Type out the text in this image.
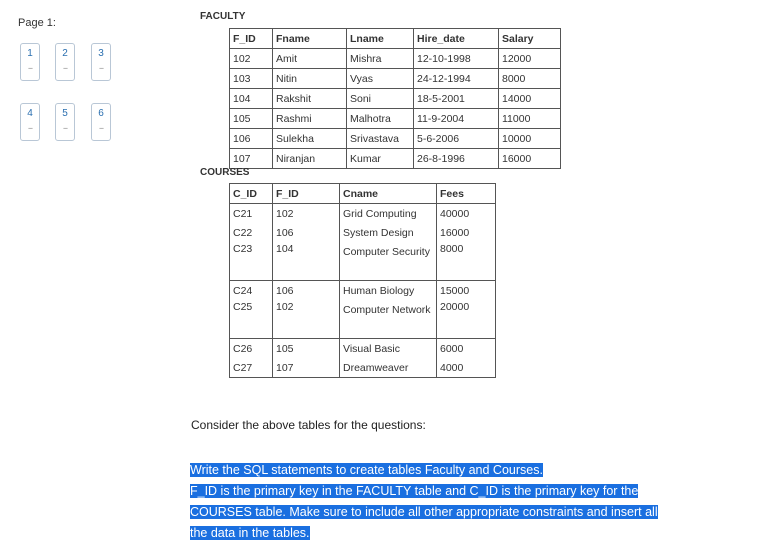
Page 1:
1
--
2
--
3
--
4
--
5
--
6
--
FACULTY
F_ID	Fname	Lname	Hire_date	Salary
102	Amit	Mishra	12-10-1998	12000
103	Nitin	Vyas	24-12-1994	8000
104	Rakshit	Soni	18-5-2001	14000
105	Rashmi	Malhotra	11-9-2004	11000
106	Sulekha	Srivastava	5-6-2006	10000
107	Niranjan	Kumar	26-8-1996	16000
COURSES
C_ID	F_ID	Cname	Fees
C21	102	Grid Computing	40000
C22	106	System Design	16000
C23	104	Computer Security	8000
C24	106	Human Biology	15000
C25	102	Computer Network	20000
C26	105	Visual Basic	6000
C27	107	Dreamweaver	4000
Consider the above tables for the questions:
Write the SQL statements to create tables Faculty and Courses.
F_ID is the primary key in the FACULTY table and C_ID is the primary key for the
COURSES table. Make sure to include all other appropriate constraints and insert all
the data in the tables.
